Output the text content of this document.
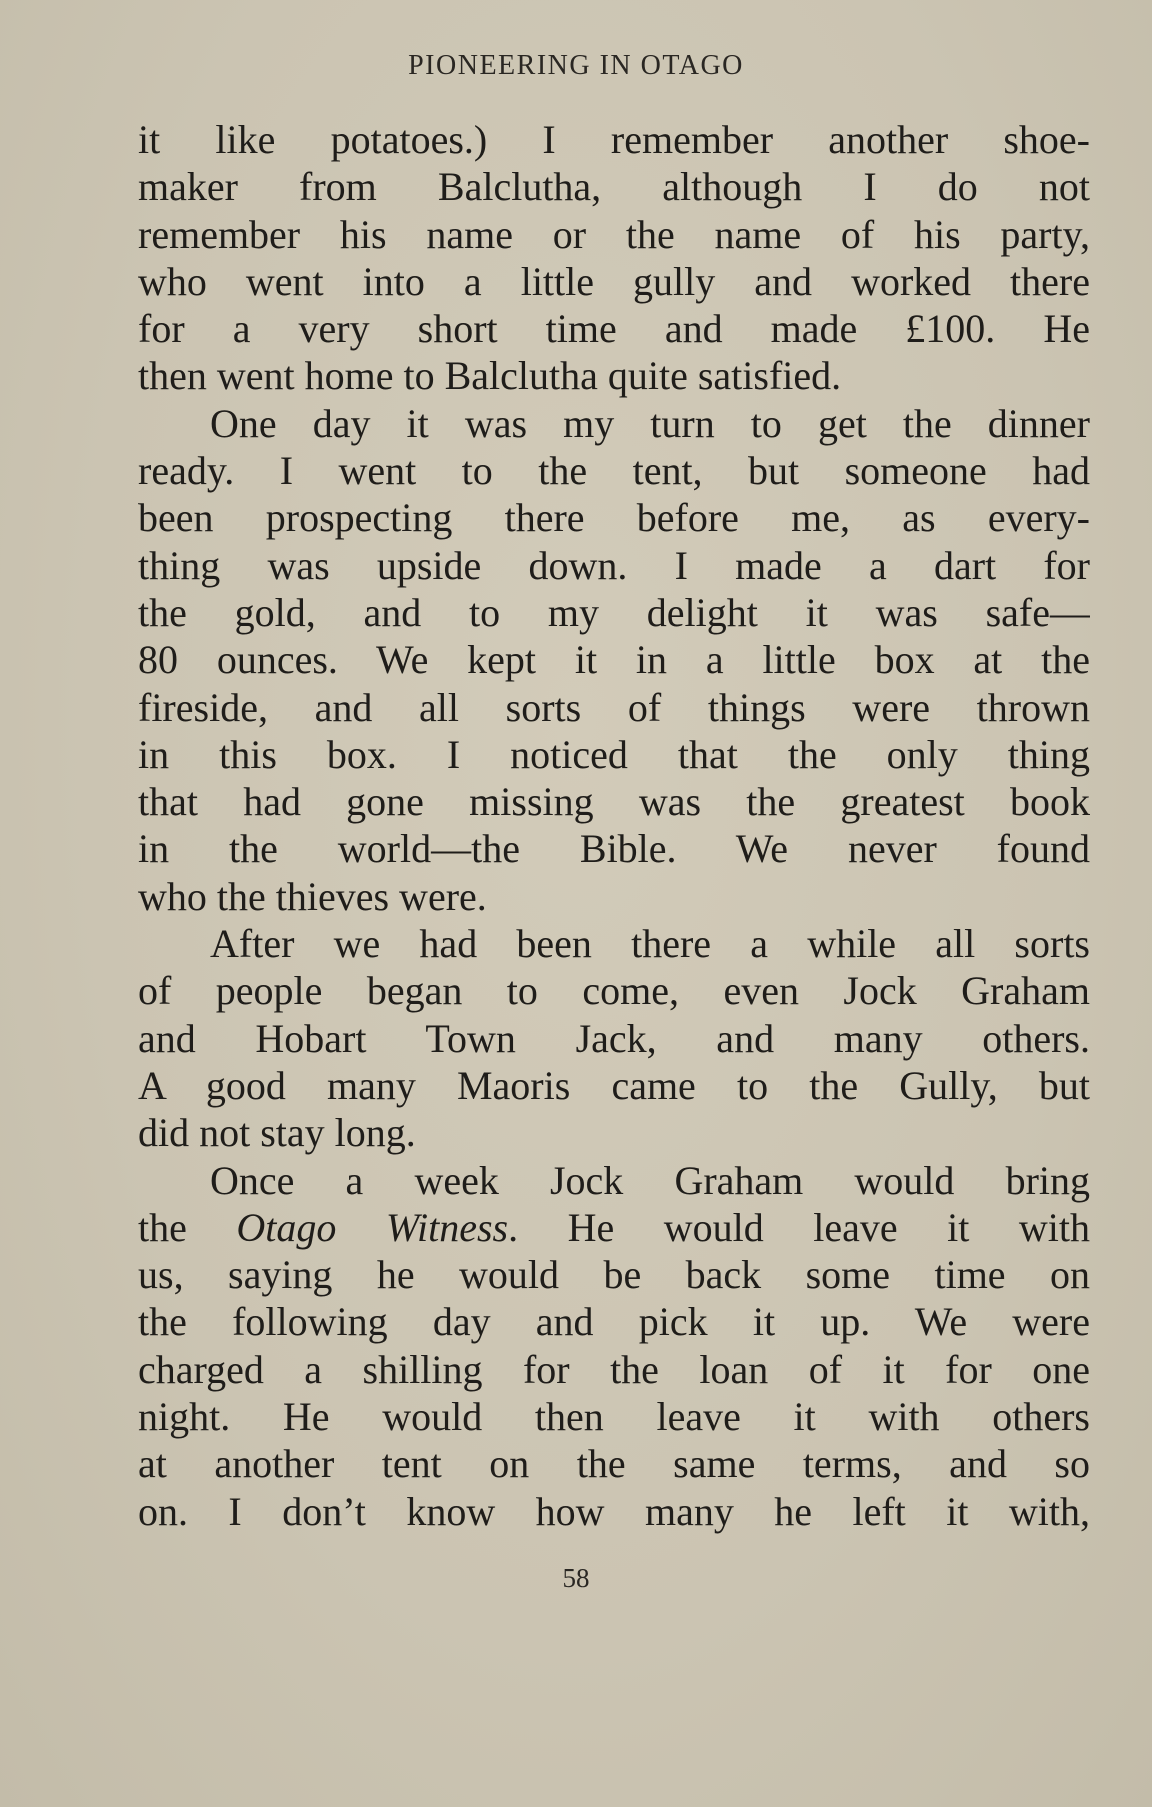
PIONEERING IN OTAGO
it like potatoes.) I remember another shoe-
maker from Balclutha, although I do not
remember his name or the name of his party,
who went into a little gully and worked there
for a very short time and made £100. He
then went home to Balclutha quite satisfied.
One day it was my turn to get the dinner
ready. I went to the tent, but someone had
been prospecting there before me, as every-
thing was upside down. I made a dart for
the gold, and to my delight it was safe—
80 ounces. We kept it in a little box at the
fireside, and all sorts of things were thrown
in this box. I noticed that the only thing
that had gone missing was the greatest book
in the world—the Bible. We never found
who the thieves were.
After we had been there a while all sorts
of people began to come, even Jock Graham
and Hobart Town Jack, and many others.
A good many Maoris came to the Gully, but
did not stay long.
Once a week Jock Graham would bring
the Otago Witness. He would leave it with
us, saying he would be back some time on
the following day and pick it up. We were
charged a shilling for the loan of it for one
night. He would then leave it with others
at another tent on the same terms, and so
on. I don’t know how many he left it with,
58
